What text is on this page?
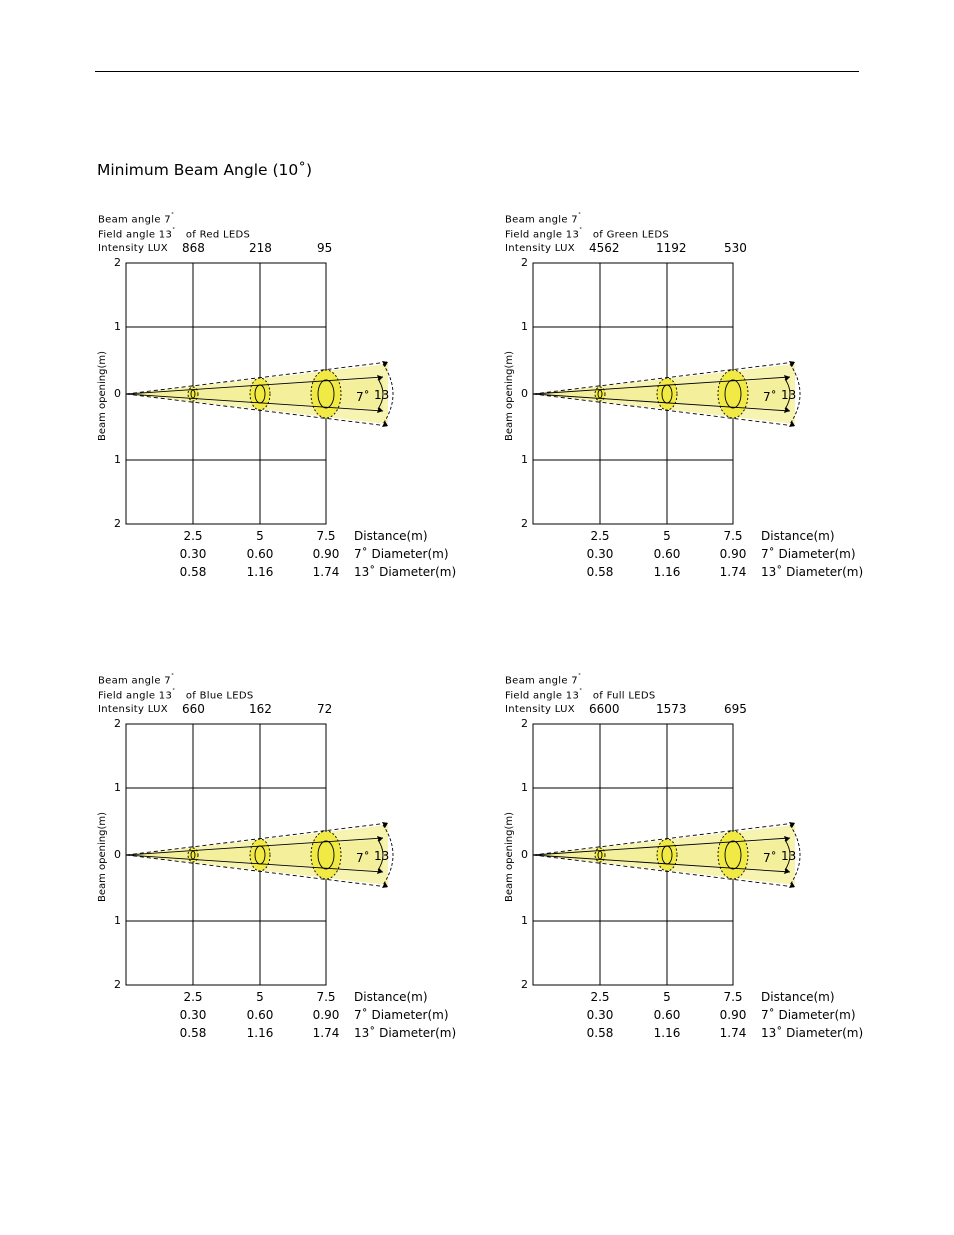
Minimum Beam Angle (10˚)
Beam angle 7˚
Field angle 13˚ of Red LEDS
Intensity LUX 868	218	95
2
1
0
1
2
Beam opening(m)	7˚ 13
2.5	5	7.5	Distance(m)
0.30	0.60	0.90	7˚ Diameter(m)
0.58	1.16	1.74	13˚ Diameter(m)
Beam angle 7˚
Field angle 13˚ of Green LEDS
Intensity LUX 4562	1192	530
2
1
0
1
2
Beam opening(m)	7˚ 13
2.5	5	7.5	Distance(m)
0.30	0.60	0.90	7˚ Diameter(m)
0.58	1.16	1.74	13˚ Diameter(m)
Beam angle 7˚
Field angle 13˚ of Blue LEDS
Intensity LUX 660	162	72
2
1
0
1
2
Beam opening(m)	7˚ 13
2.5	5	7.5	Distance(m)
0.30	0.60	0.90	7˚ Diameter(m)
0.58	1.16	1.74	13˚ Diameter(m)
Beam angle 7˚
Field angle 13˚ of Full LEDS
Intensity LUX 6600	1573	695
2
1
0
1
2
Beam opening(m)	7˚ 13
2.5	5	7.5	Distance(m)
0.30	0.60	0.90	7˚ Diameter(m)
0.58	1.16	1.74	13˚ Diameter(m)
